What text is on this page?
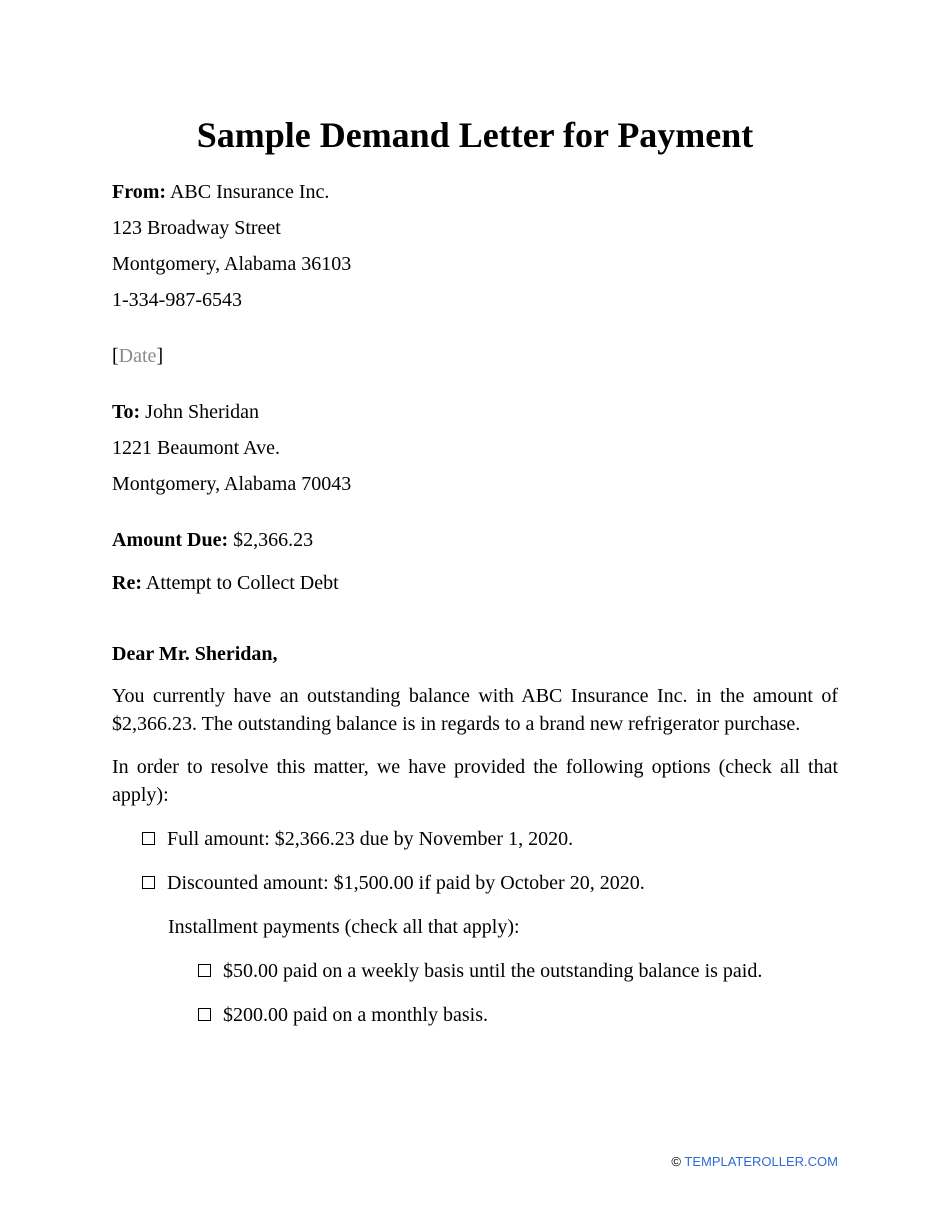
Sample Demand Letter for Payment
From: ABC Insurance Inc.
123 Broadway Street
Montgomery, Alabama 36103
1-334-987-6543
[Date]
To: John Sheridan
1221 Beaumont Ave.
Montgomery, Alabama 70043
Amount Due: $2,366.23
Re: Attempt to Collect Debt
Dear Mr. Sheridan,

You currently have an outstanding balance with ABC Insurance Inc. in the amount of $2,366.23. The outstanding balance is in regards to a brand new refrigerator purchase.

In order to resolve this matter, we have provided the following options (check all that apply):

Full amount: $2,366.23 due by November 1, 2020.
Discounted amount: $1,500.00 if paid by October 20, 2020.
Installment payments (check all that apply):
$50.00 paid on a weekly basis until the outstanding balance is paid.
$200.00 paid on a monthly basis.
© TEMPLATEROLLER.COM
